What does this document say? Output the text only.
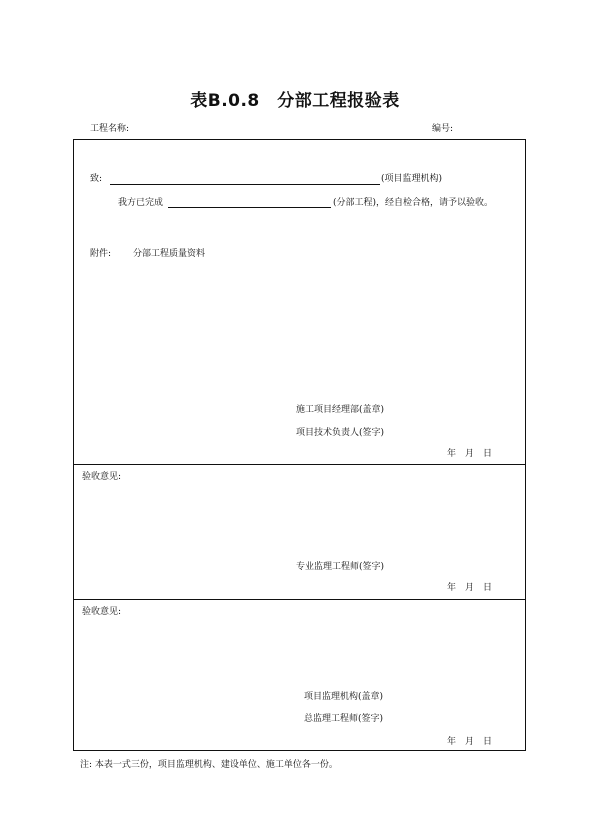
表B.0.8　分部工程报验表
工程名称:	编号:
致:	(项目监理机构)
我方已完成	(分部工程)，经自检合格，请予以验收。
附件: 分部工程质量资料
施工项目经理部(盖章)
项目技术负责人(签字)
年　月　日
验收意见:
专业监理工程师(签字)
年　月　日
验收意见:
项目监理机构(盖章)
总监理工程师(签字)
年　月　日
注: 本表一式三份，项目监理机构、建设单位、施工单位各一份。
